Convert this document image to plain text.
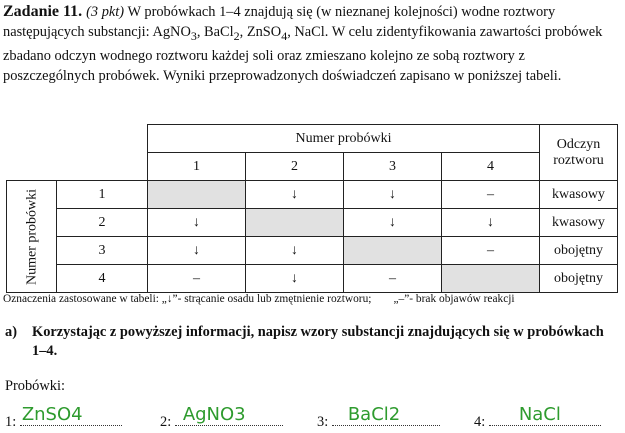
Zadanie 11. (3 pkt) W probówkach 1–4 znajdują się (w nieznanej kolejności) wodne roztwory następujących substancji: AgNO$_3$, BaCl$_2$, ZnSO$_4$, NaCl. W celu zidentyfikowania zawartości probówek zbadano odczyn wodnego roztworu każdej soli oraz zmieszano kolejno ze sobą roztwory z poszczególnych probówek. Wyniki przeprowadzonych doświadczeń zapisano w poniższej tabeli.
		Numer probówki				Odczyn roztworu
		1	2	3	4	

Numer probówki	1		↓	↓	–	kwasowy
	2	↓		↓	↓	kwasowy
	3	↓	↓		–	obojętny
	4	–	↓	–		obojętny
Oznaczenia zastosowane w tabeli: „↓”- strącanie osadu lub zmętnienie roztworu; „–”- brak objawów reakcji
a) Korzystając z powyższej informacji, napisz wzory substancji znajdujących się w probówkach 1–4.
Probówki:
1: ZnSO4	2: AgNO3	3: BaCl2	4: NaCl
